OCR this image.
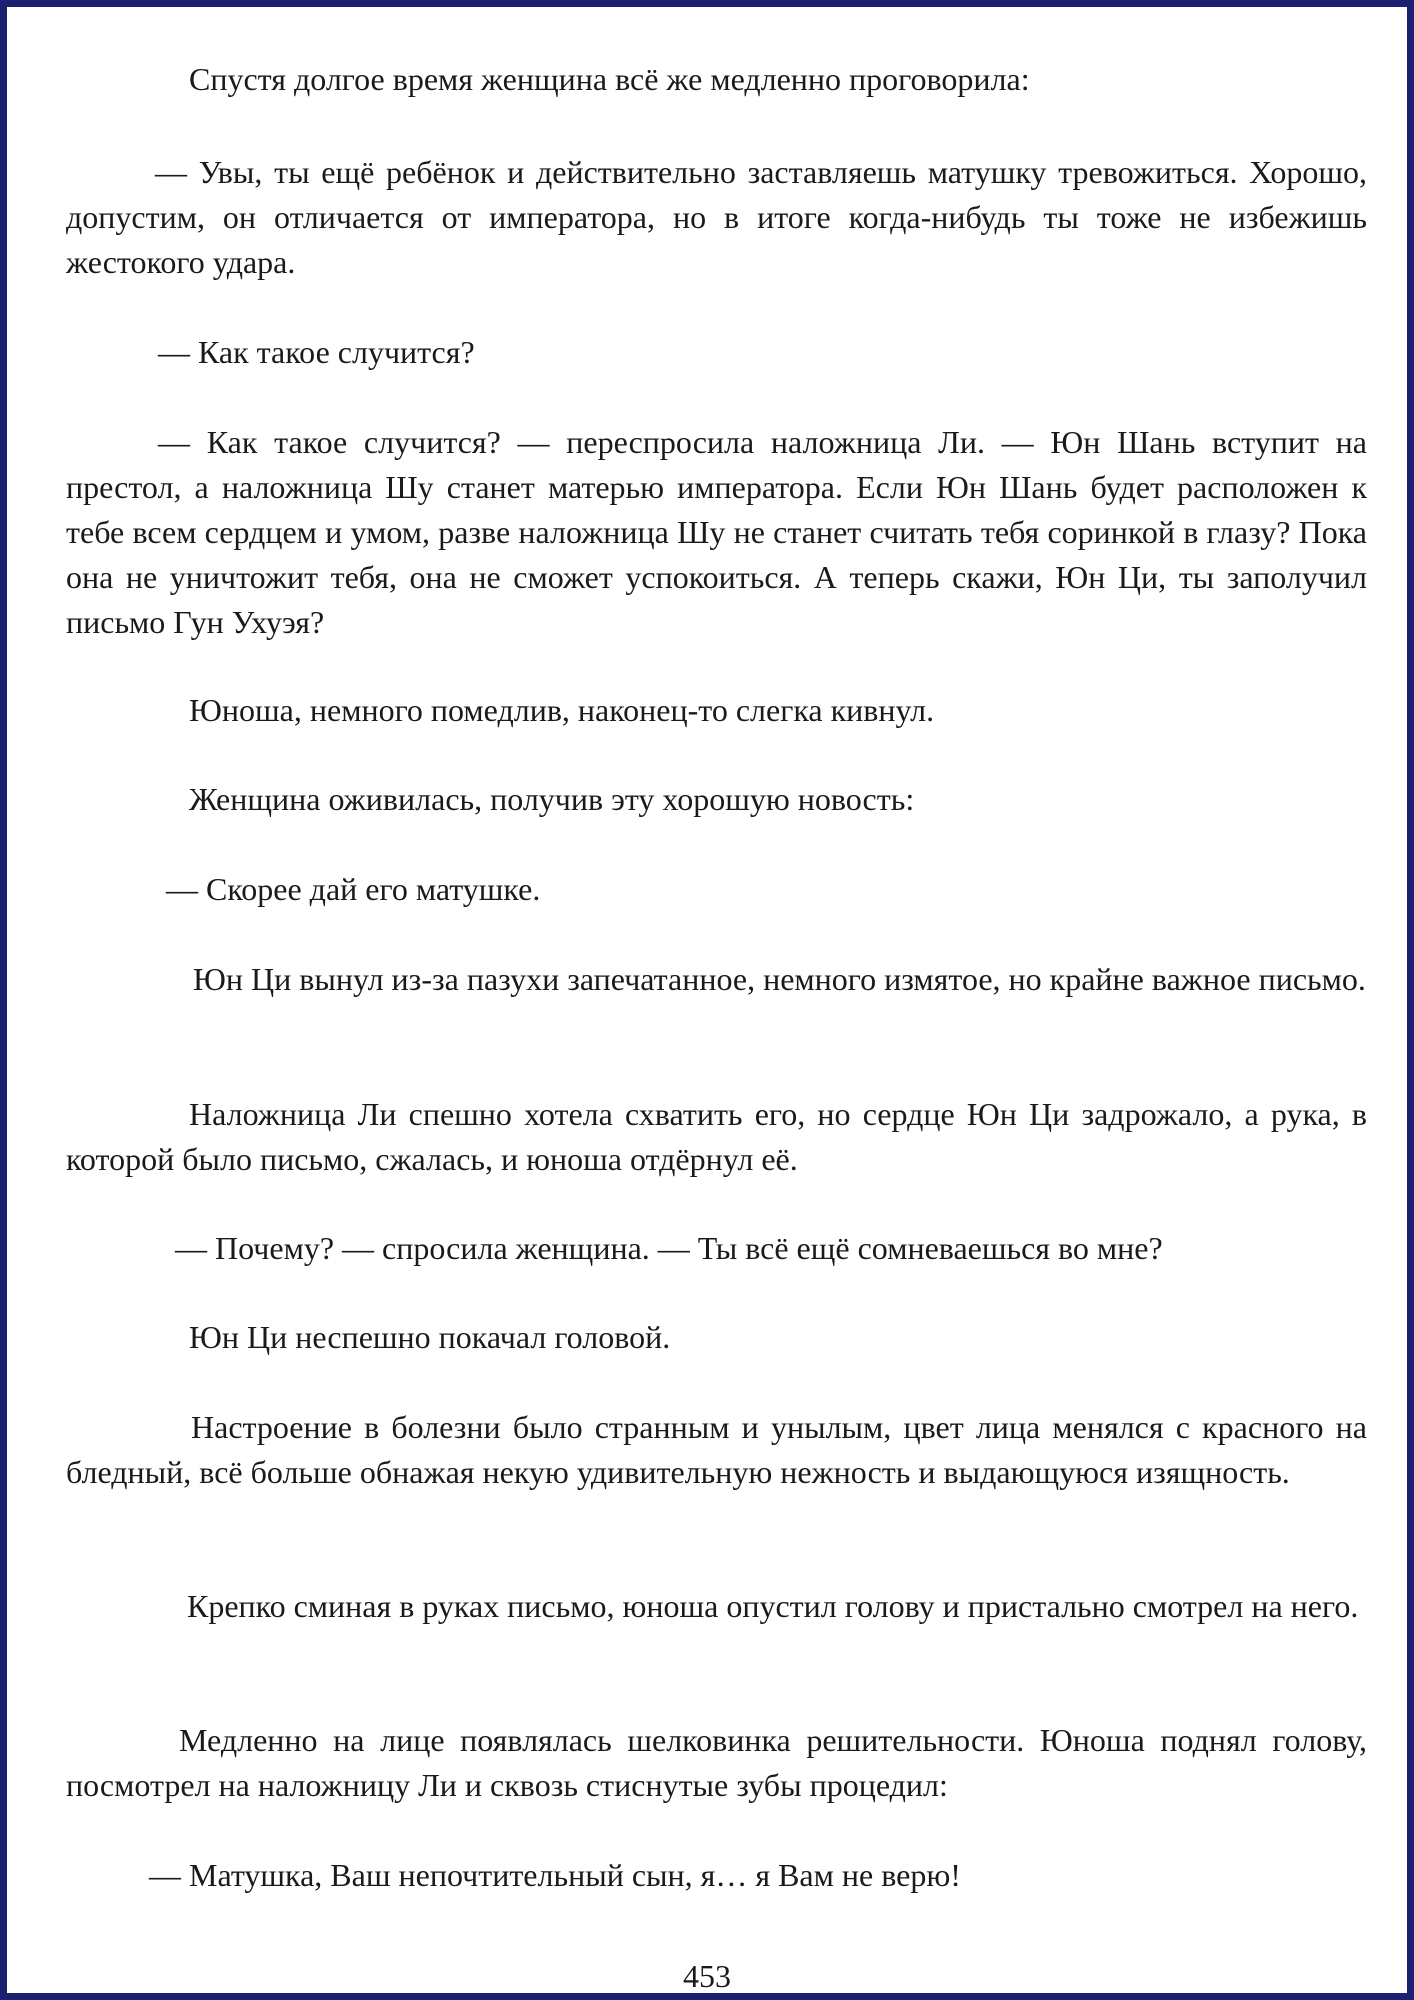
Спустя долгое время женщина всё же медленно проговорила:

— Увы, ты ещё ребёнок и действительно заставляешь матушку тревожиться. Хорошо, допустим, он отличается от императора, но в итоге когда-нибудь ты тоже не избежишь жестокого удара.

— Как такое случится?

— Как такое случится? — переспросила наложница Ли. — Юн Шань вступит на престол, а наложница Шу станет матерью императора. Если Юн Шань будет расположен к тебе всем сердцем и умом, разве наложница Шу не станет считать тебя соринкой в глазу? Пока она не уничтожит тебя, она не сможет успокоиться. А теперь скажи, Юн Ци, ты заполучил письмо Гун Ухуэя?

Юноша, немного помедлив, наконец-то слегка кивнул.

Женщина оживилась, получив эту хорошую новость:

— Скорее дай его матушке.

Юн Ци вынул из-за пазухи запечатанное, немного измятое, но крайне важное письмо.

Наложница Ли спешно хотела схватить его, но сердце Юн Ци задрожало, а рука, в которой было письмо, сжалась, и юноша отдёрнул её.

— Почему? — спросила женщина. — Ты всё ещё сомневаешься во мне?

Юн Ци неспешно покачал головой.

Настроение в болезни было странным и унылым, цвет лица менялся с красного на бледный, всё больше обнажая некую удивительную нежность и выдающуюся изящность.

Крепко сминая в руках письмо, юноша опустил голову и пристально смотрел на него.

Медленно на лице появлялась шелковинка решительности. Юноша поднял голову, посмотрел на наложницу Ли и сквозь стиснутые зубы процедил:

— Матушка, Ваш непочтительный сын, я… я Вам не верю!

453
